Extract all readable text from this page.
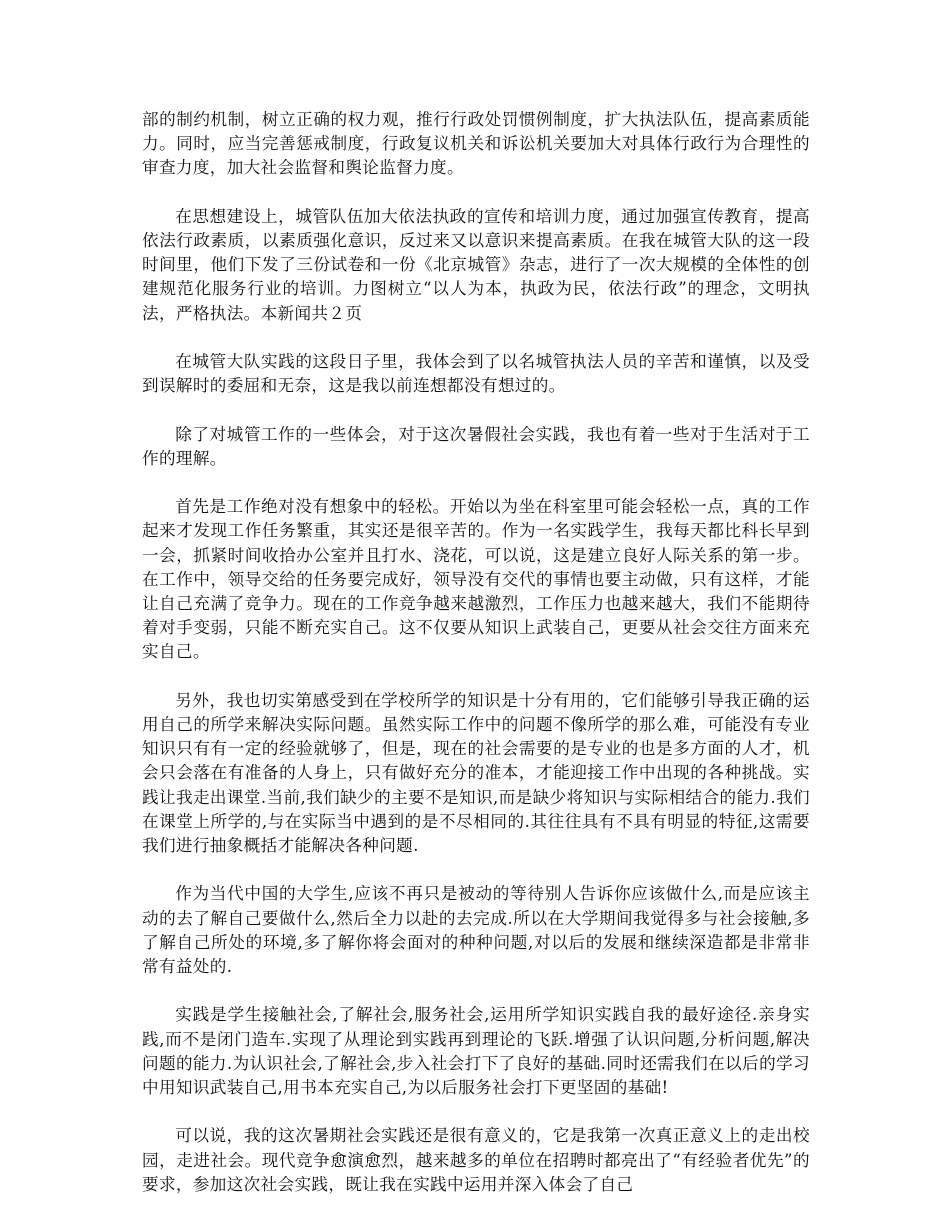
部的制约机制，树立正确的权力观，推行行政处罚惯例制度，扩大执法队伍，提高素质能力。同时，应当完善惩戒制度，行政复议机关和诉讼机关要加大对具体行政行为合理性的审查力度，加大社会监督和舆论监督力度。

在思想建设上，城管队伍加大依法执政的宣传和培训力度，通过加强宣传教育，提高依法行政素质，以素质强化意识，反过来又以意识来提高素质。在我在城管大队的这一段时间里，他们下发了三份试卷和一份《北京城管》杂志，进行了一次大规模的全体性的创建规范化服务行业的培训。力图树立“以人为本，执政为民，依法行政”的理念，文明执法，严格执法。本新闻共２页

在城管大队实践的这段日子里，我体会到了以名城管执法人员的辛苦和谨慎，以及受到误解时的委屈和无奈，这是我以前连想都没有想过的。

除了对城管工作的一些体会，对于这次暑假社会实践，我也有着一些对于生活对于工作的理解。

首先是工作绝对没有想象中的轻松。开始以为坐在科室里可能会轻松一点，真的工作起来才发现工作任务繁重，其实还是很辛苦的。作为一名实践学生，我每天都比科长早到一会，抓紧时间收拾办公室并且打水、浇花，可以说，这是建立良好人际关系的第一步。在工作中，领导交给的任务要完成好，领导没有交代的事情也要主动做，只有这样，才能让自己充满了竞争力。现在的工作竞争越来越激烈，工作压力也越来越大，我们不能期待着对手变弱，只能不断充实自己。这不仅要从知识上武装自己，更要从社会交往方面来充实自己。

另外，我也切实第感受到在学校所学的知识是十分有用的，它们能够引导我正确的运用自己的所学来解决实际问题。虽然实际工作中的问题不像所学的那么难，可能没有专业知识只有有一定的经验就够了，但是，现在的社会需要的是专业的也是多方面的人才，机会只会落在有准备的人身上，只有做好充分的准本，才能迎接工作中出现的各种挑战。实践让我走出课堂.当前,我们缺少的主要不是知识,而是缺少将知识与实际相结合的能力.我们在课堂上所学的,与在实际当中遇到的是不尽相同的.其往往具有不具有明显的特征,这需要我们进行抽象概括才能解决各种问题.

作为当代中国的大学生,应该不再只是被动的等待别人告诉你应该做什么,而是应该主动的去了解自己要做什么,然后全力以赴的去完成.所以在大学期间我觉得多与社会接触,多了解自己所处的环境,多了解你将会面对的种种问题,对以后的发展和继续深造都是非常非常有益处的.

实践是学生接触社会,了解社会,服务社会,运用所学知识实践自我的最好途径.亲身实践,而不是闭门造车.实现了从理论到实践再到理论的飞跃.增强了认识问题,分析问题,解决问题的能力.为认识社会,了解社会,步入社会打下了良好的基础.同时还需我们在以后的学习中用知识武装自己,用书本充实自己,为以后服务社会打下更坚固的基础!

可以说，我的这次暑期社会实践还是很有意义的，它是我第一次真正意义上的走出校园，走进社会。现代竞争愈演愈烈，越来越多的单位在招聘时都亮出了“有经验者优先”的要求，参加这次社会实践，既让我在实践中运用并深入体会了自己
